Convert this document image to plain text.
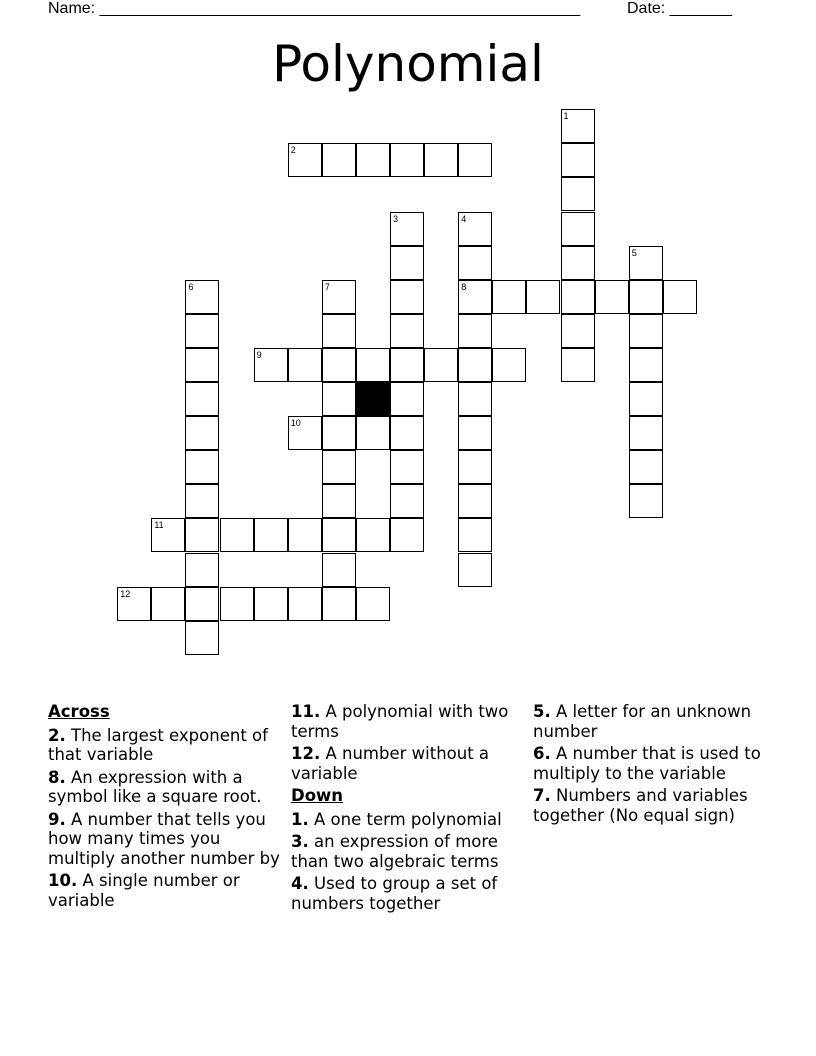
Name: ______________________________________________________	Date: _______
Polynomial
2
8
9
10
11
12
1
3	4
5
6	7
Across
2. The largest exponent of that variable
8. An expression with a symbol like a square root.
9. A number that tells you how many times you multiply another number by
10. A single number or variable
11. A polynomial with two terms
12. A number without a variable
Down
1. A one term polynomial
3. an expression of more than two algebraic terms
4. Used to group a set of numbers together
5. A letter for an unknown number
6. A number that is used to multiply to the variable
7. Numbers and variables together (No equal sign)
